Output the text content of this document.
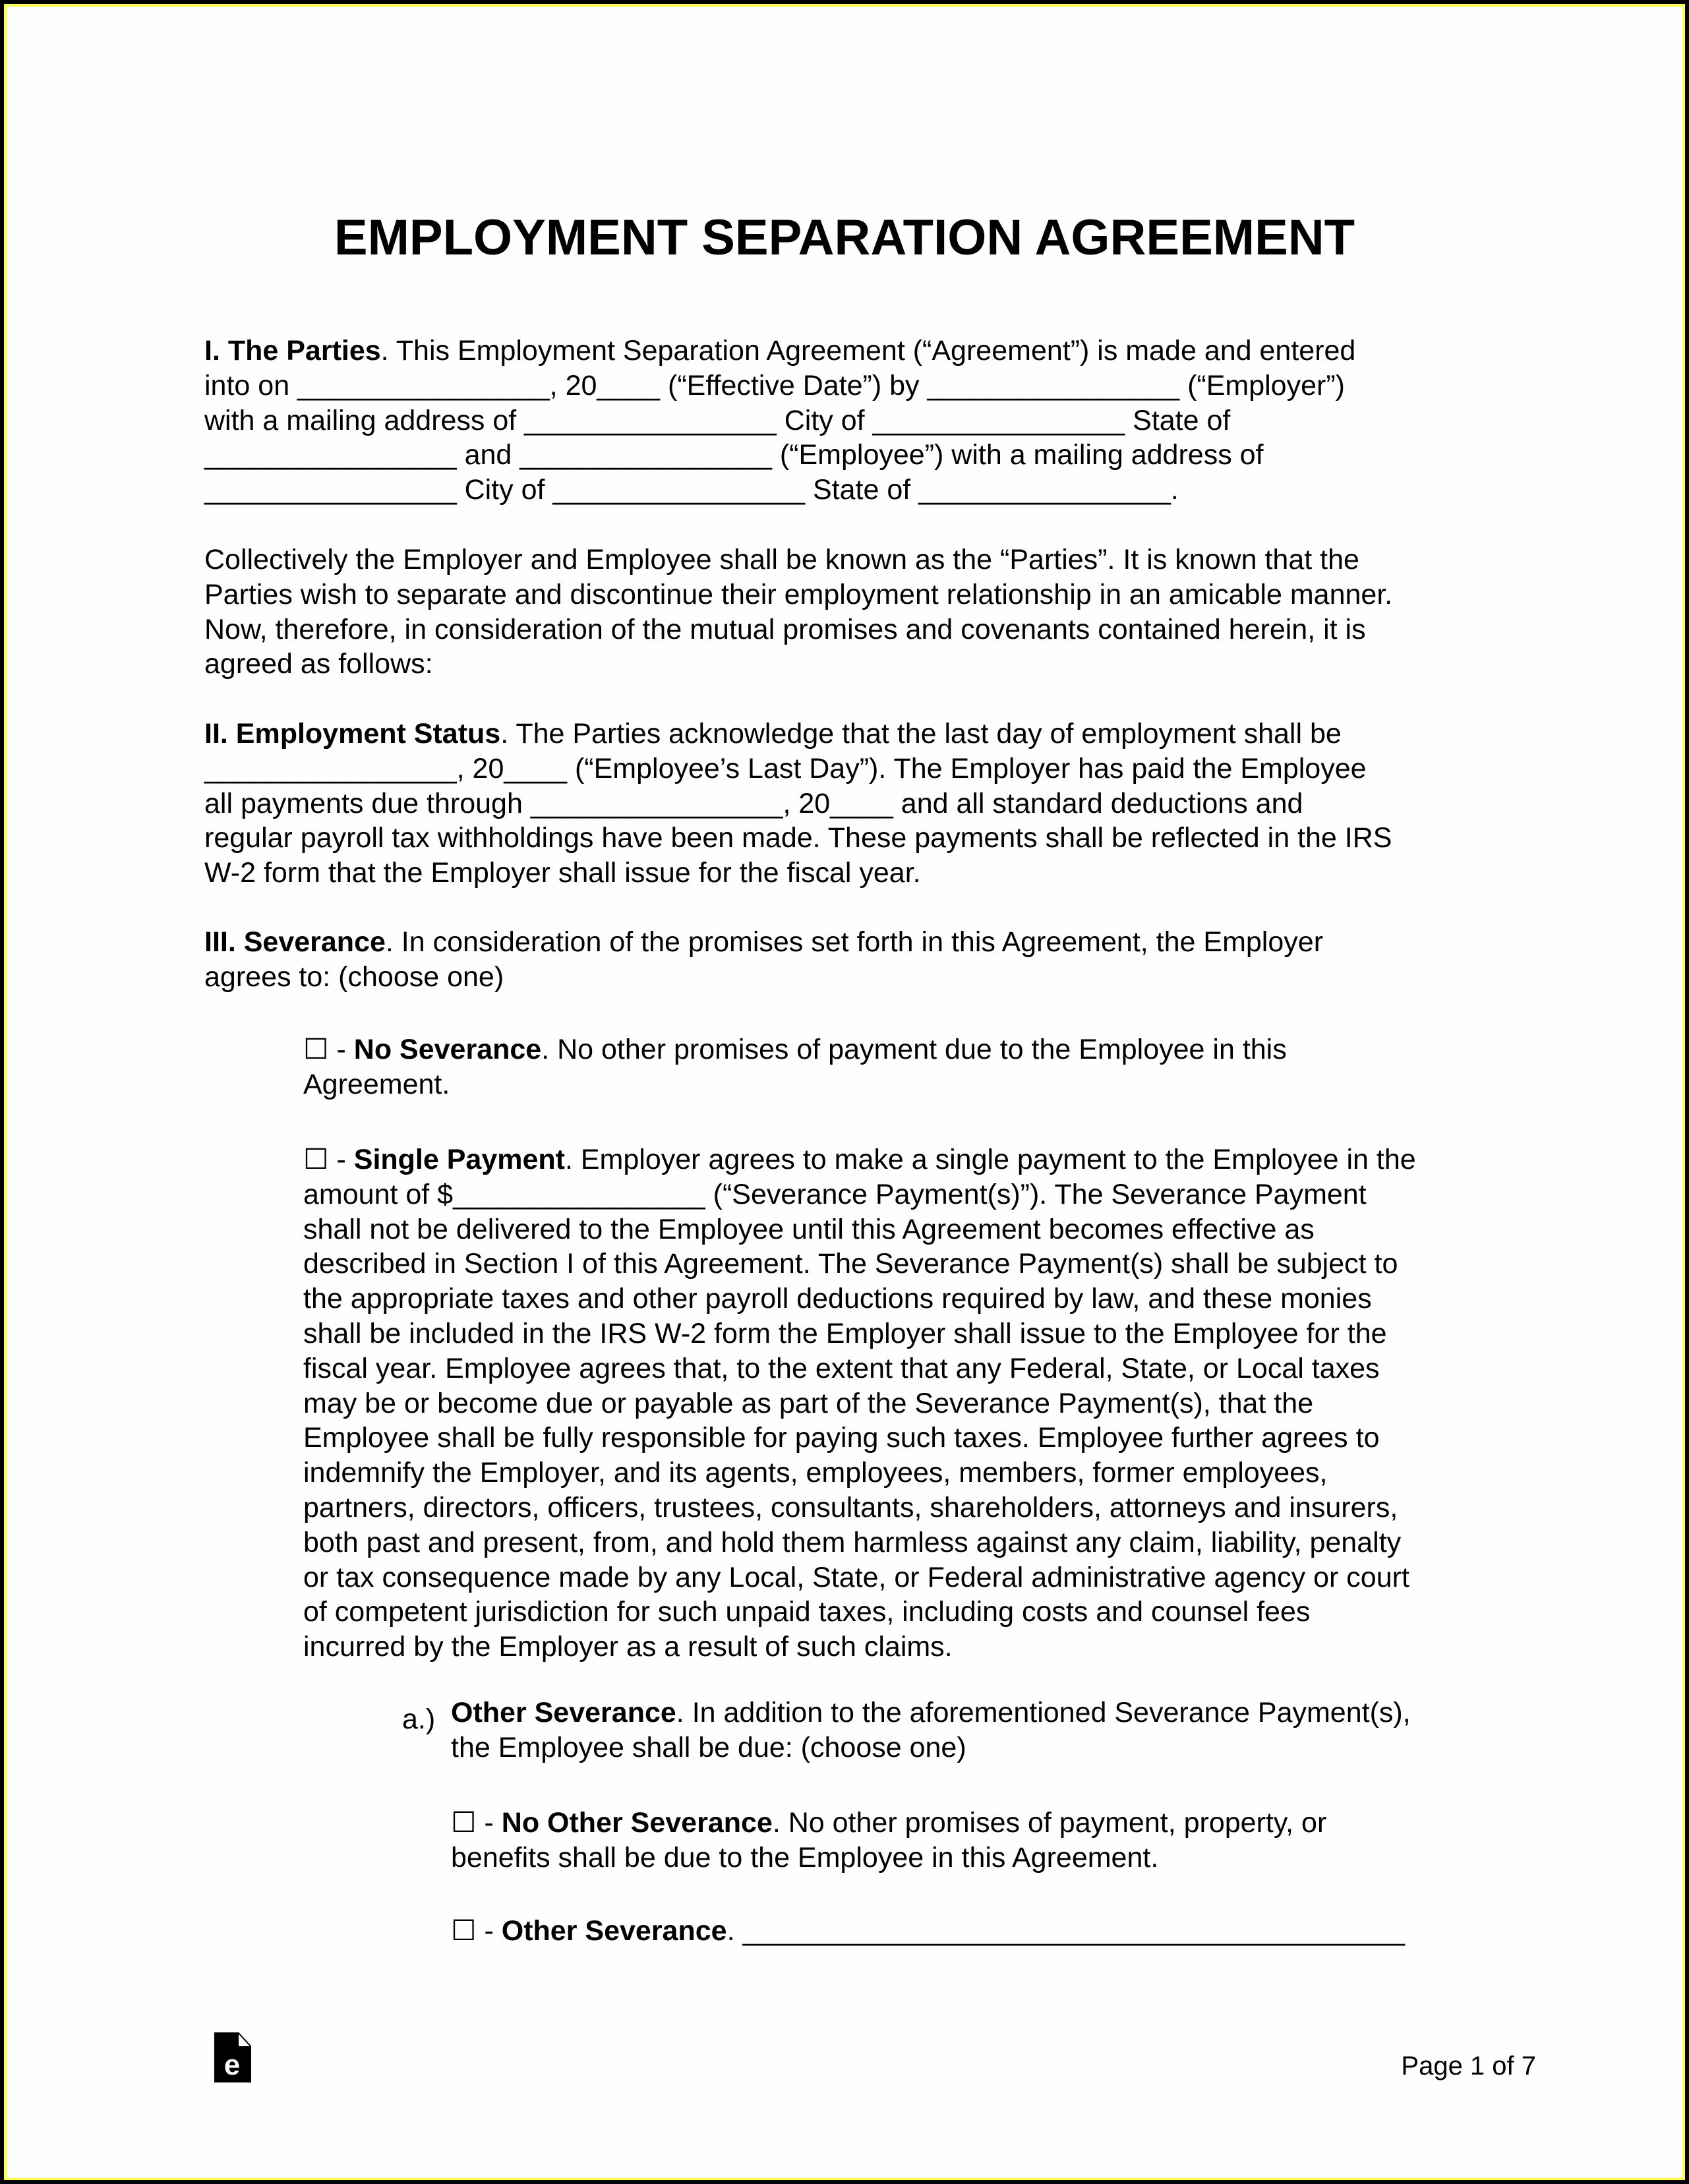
EMPLOYMENT SEPARATION AGREEMENT
I. The Parties. This Employment Separation Agreement (“Agreement”) is made and entered
into on ________________, 20____ (“Effective Date”) by ________________ (“Employer”)
with a mailing address of ________________ City of ________________ State of
________________ and ________________ (“Employee”) with a mailing address of
________________ City of ________________ State of ________________.
Collectively the Employer and Employee shall be known as the “Parties”. It is known that the
Parties wish to separate and discontinue their employment relationship in an amicable manner.
Now, therefore, in consideration of the mutual promises and covenants contained herein, it is
agreed as follows:
II. Employment Status. The Parties acknowledge that the last day of employment shall be
________________, 20____ (“Employee’s Last Day”). The Employer has paid the Employee
all payments due through ________________, 20____ and all standard deductions and
regular payroll tax withholdings have been made. These payments shall be reflected in the IRS
W-2 form that the Employer shall issue for the fiscal year.
III. Severance. In consideration of the promises set forth in this Agreement, the Employer
agrees to: (choose one)
☐ - No Severance. No other promises of payment due to the Employee in this
Agreement.
☐ - Single Payment. Employer agrees to make a single payment to the Employee in the
amount of $________________ (“Severance Payment(s)”). The Severance Payment
shall not be delivered to the Employee until this Agreement becomes effective as
described in Section I of this Agreement. The Severance Payment(s) shall be subject to
the appropriate taxes and other payroll deductions required by law, and these monies
shall be included in the IRS W-2 form the Employer shall issue to the Employee for the
fiscal year. Employee agrees that, to the extent that any Federal, State, or Local taxes
may be or become due or payable as part of the Severance Payment(s), that the
Employee shall be fully responsible for paying such taxes. Employee further agrees to
indemnify the Employer, and its agents, employees, members, former employees,
partners, directors, officers, trustees, consultants, shareholders, attorneys and insurers,
both past and present, from, and hold them harmless against any claim, liability, penalty
or tax consequence made by any Local, State, or Federal administrative agency or court
of competent jurisdiction for such unpaid taxes, including costs and counsel fees
incurred by the Employer as a result of such claims.
Other Severance. In addition to the aforementioned Severance Payment(s),
the Employee shall be due: (choose one)
☐ - No Other Severance. No other promises of payment, property, or
benefits shall be due to the Employee in this Agreement.
☐ - Other Severance. __________________________________________
a.)
e	Page 1 of 7
